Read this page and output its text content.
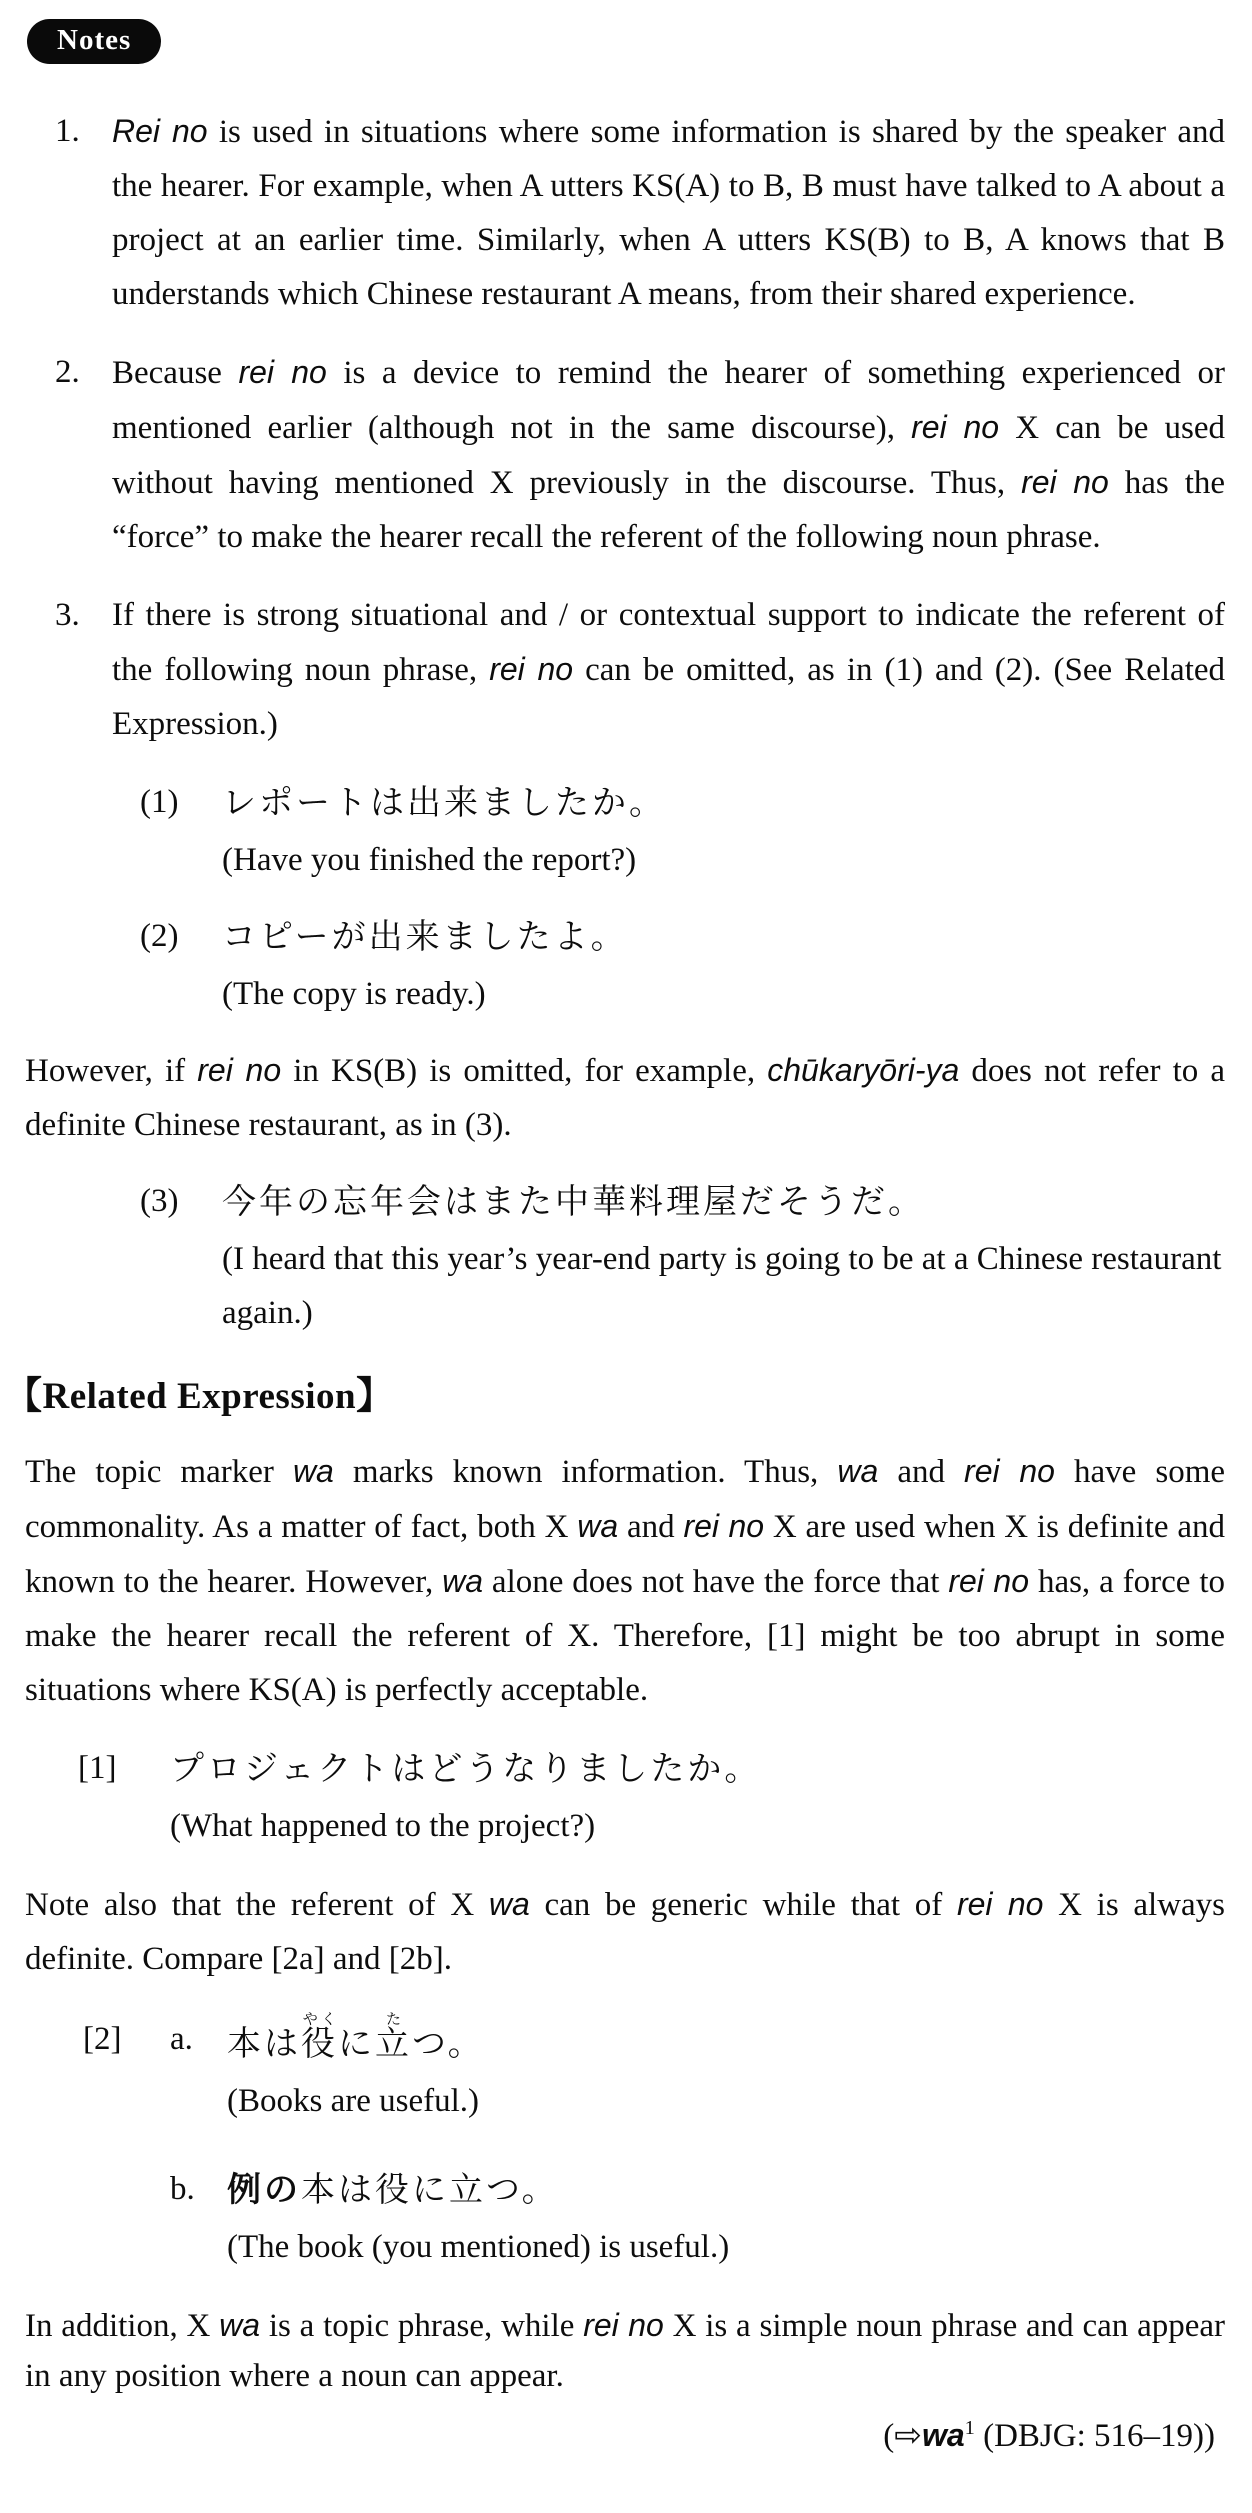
Notes
1. Rei no is used in situations where some information is shared by the speaker and the hearer. For example, when A utters KS(A) to B, B must have talked to A about a project at an earlier time. Similarly, when A utters KS(B) to B, A knows that B understands which Chinese restaurant A means, from their shared experience.

2. Because rei no is a device to remind the hearer of something experienced or mentioned earlier (although not in the same discourse), rei no X can be used without having mentioned X previously in the discourse. Thus, rei no has the “force” to make the hearer recall the referent of the following noun phrase.

3. If there is strong situational and / or contextual support to indicate the referent of the following noun phrase, rei no can be omitted, as in (1) and (2). (See Related Expression.)

(1)	レポートは出来ましたか。
(Have you finished the report?)
(2)	コピーが出来ましたよ。
(The copy is ready.)

However, if rei no in KS(B) is omitted, for example, chūkaryōri-ya does not refer to a definite Chinese restaurant, as in (3).

(3)	今年の忘年会はまた中華料理屋だそうだ。
(I heard that this year’s year-end party is going to be at a Chinese restaurant again.)
【Related Expression】

The topic marker wa marks known information. Thus, wa and rei no have some commonality. As a matter of fact, both X wa and rei no X are used when X is definite and known to the hearer. However, wa alone does not have the force that rei no has, a force to make the hearer recall the referent of X. Therefore, [1] might be too abrupt in some situations where KS(A) is perfectly acceptable.

[1]	プロジェクトはどうなりましたか。
(What happened to the project?)

Note also that the referent of X wa can be generic while that of rei no X is always definite. Compare [2a] and [2b].

[2]	a.	本は役やくに立たつ。
(Books are useful.)
b. 例の本は役に立つ。
(The book (you mentioned) is useful.)

In addition, X wa is a topic phrase, while rei no X is a simple noun phrase and can appear in any position where a noun can appear.

($⇨wa^1$ (DBJG: 516–19))
